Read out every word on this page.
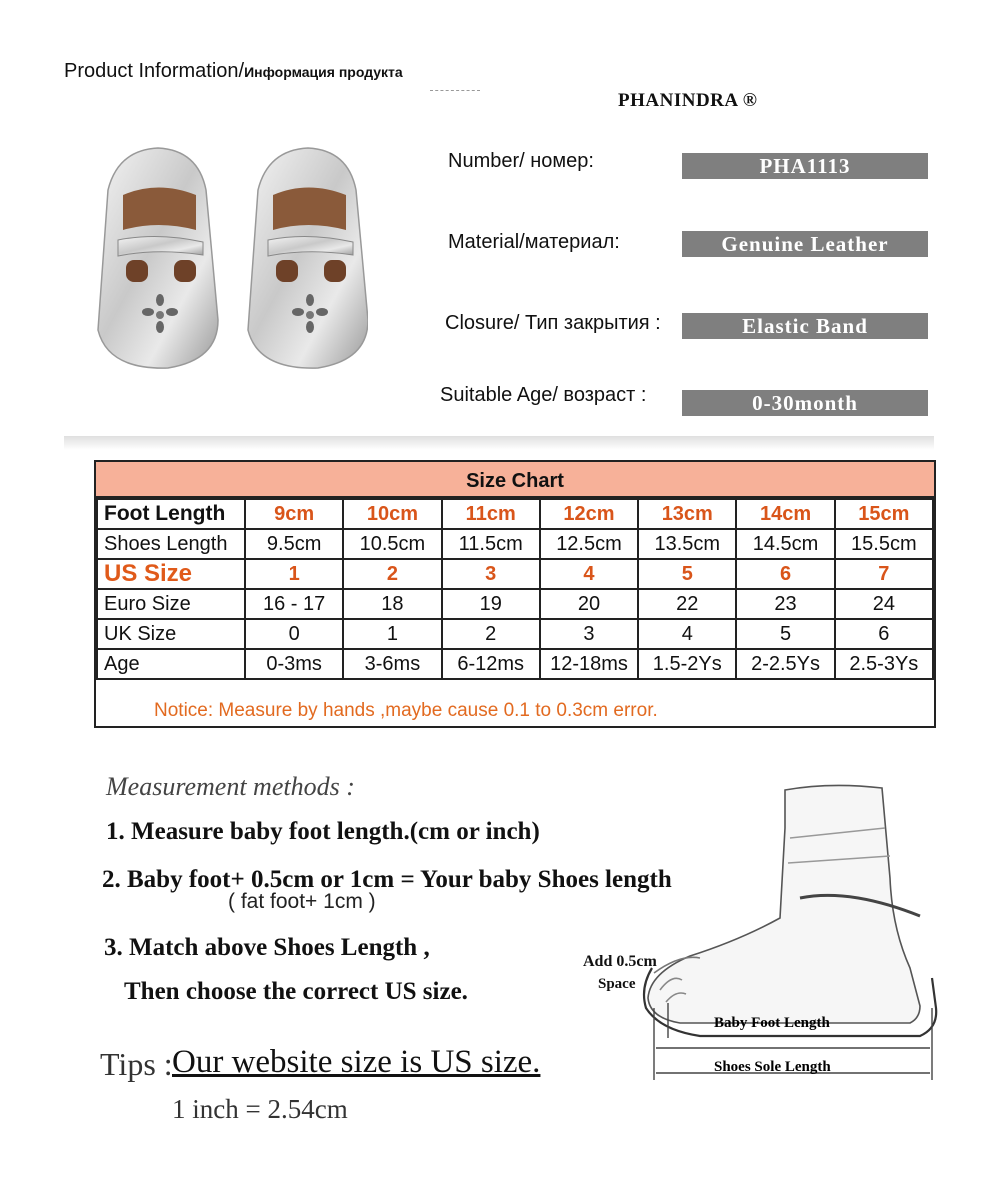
Product Information/Информация продукта
PHANINDRA ®
Number/ номер:	PHA1113
Material/материал:	Genuine Leather
Closure/ Тип закрытия :	Elastic Band
Suitable Age/ возраст :	0-30month
Size Chart
Foot Length	9cm	10cm	11cm	12cm	13cm	14cm	15cm
Shoes Length	9.5cm	10.5cm	11.5cm	12.5cm	13.5cm	14.5cm	15.5cm
US Size	1	2	3	4	5	6	7
Euro Size	16 - 17	18	19	20	22	23	24
UK Size	0	1	2	3	4	5	6
Age	0-3ms	3-6ms	6-12ms	12-18ms	1.5-2Ys	2-2.5Ys	2.5-3Ys
Notice: Measure by hands ,maybe cause 0.1 to 0.3cm error.
Measurement methods :
1. Measure baby foot length.(cm or inch)
2. Baby foot+ 0.5cm or 1cm = Your baby Shoes length
( fat foot+ 1cm )
3. Match above Shoes Length ,
Then choose the correct US size.
Tips : Our website size is US size.
1 inch = 2.54cm
Baby Foot Length
Shoes Sole Length
Add 0.5cm
Space
